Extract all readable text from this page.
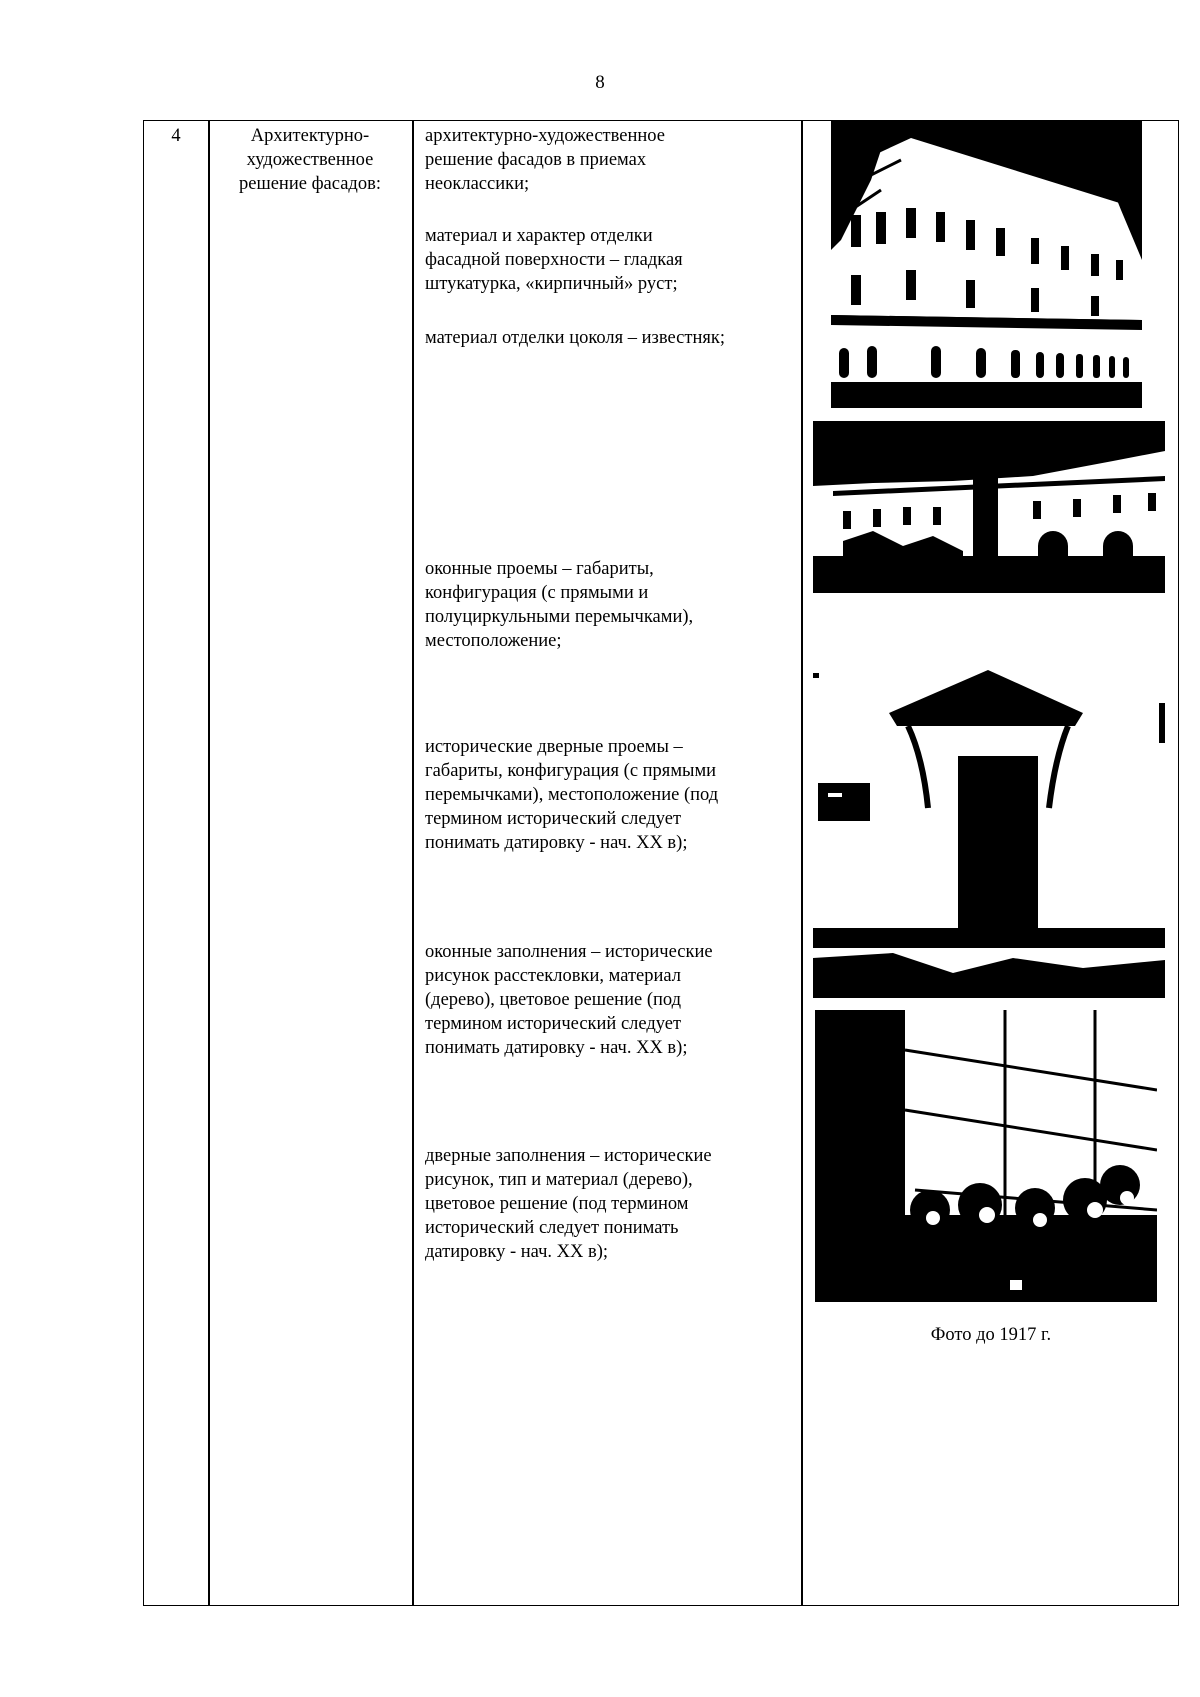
8
4	Архитектурно-
художественное
решение фасадов:
архитектурно-художественное
решение фасадов в приемах
неоклассики;
материал и характер отделки
фасадной поверхности – гладкая
штукатурка, «кирпичный» руст;
материал отделки цоколя – известняк;
оконные проемы – габариты,
конфигурация (с прямыми и
полуциркульными перемычками),
местоположение;
исторические дверные проемы –
габариты, конфигурация (с прямыми
перемычками), местоположение (под
термином исторический следует
понимать датировку - нач. XX в);
оконные заполнения – исторические
рисунок расстекловки, материал
(дерево), цветовое решение (под
термином исторический следует
понимать датировку - нач. XX в);
дверные заполнения – исторические
рисунок, тип и материал (дерево),
цветовое решение (под термином
исторический следует понимать
датировку - нач. XX в);
Фото до 1917 г.
